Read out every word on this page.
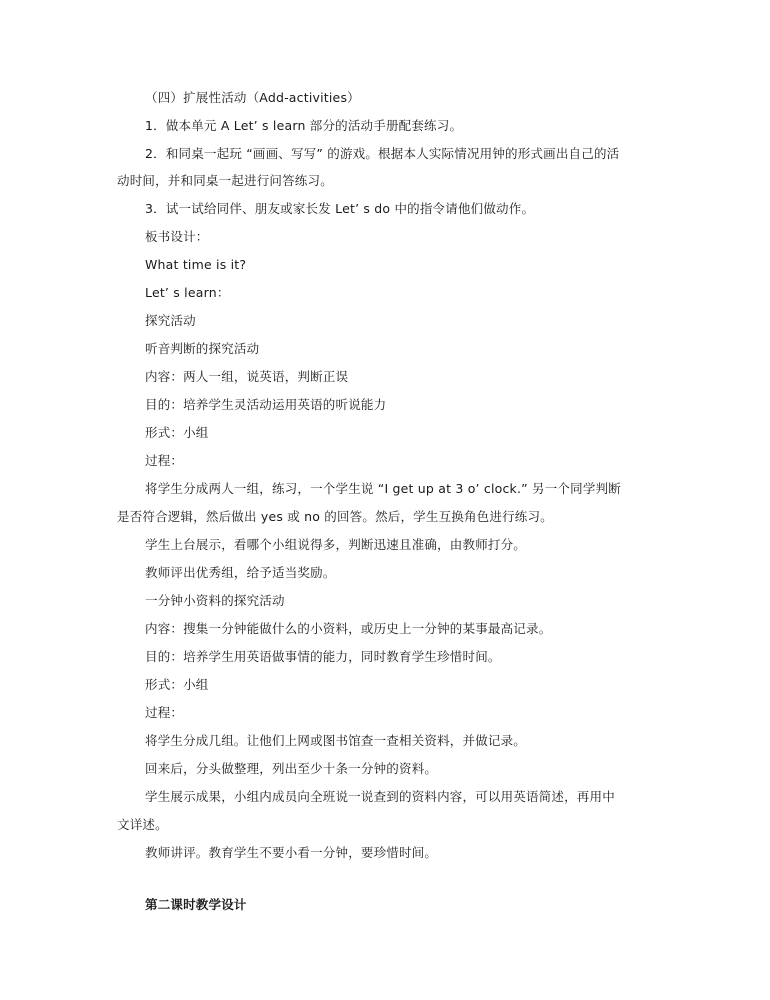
（四）扩展性活动（Add-activities）
1．做本单元 A Let’ s learn 部分的活动手册配套练习。
2．和同桌一起玩 “画画、写写” 的游戏。根据本人实际情况用钟的形式画出自己的活
动时间，并和同桌一起进行问答练习。
3．试一试给同伴、朋友或家长发 Let’ s do 中的指令请他们做动作。
板书设计：
What time is it?
Let’ s learn：
探究活动
听音判断的探究活动
内容：两人一组，说英语，判断正误
目的：培养学生灵活动运用英语的听说能力
形式：小组
过程：
将学生分成两人一组，练习，一个学生说 “I get up at 3 o’ clock.” 另一个同学判断
是否符合逻辑，然后做出 yes 或 no 的回答。然后，学生互换角色进行练习。
学生上台展示，看哪个小组说得多，判断迅速且准确，由教师打分。
教师评出优秀组，给予适当奖励。
一分钟小资料的探究活动
内容：搜集一分钟能做什么的小资料，或历史上一分钟的某事最高记录。
目的：培养学生用英语做事情的能力，同时教育学生珍惜时间。
形式：小组
过程：
将学生分成几组。让他们上网或图书馆查一查相关资料，并做记录。
回来后，分头做整理，列出至少十条一分钟的资料。
学生展示成果，小组内成员向全班说一说查到的资料内容，可以用英语简述，再用中
文详述。
教师讲评。教育学生不要小看一分钟，要珍惜时间。
第二课时教学设计
